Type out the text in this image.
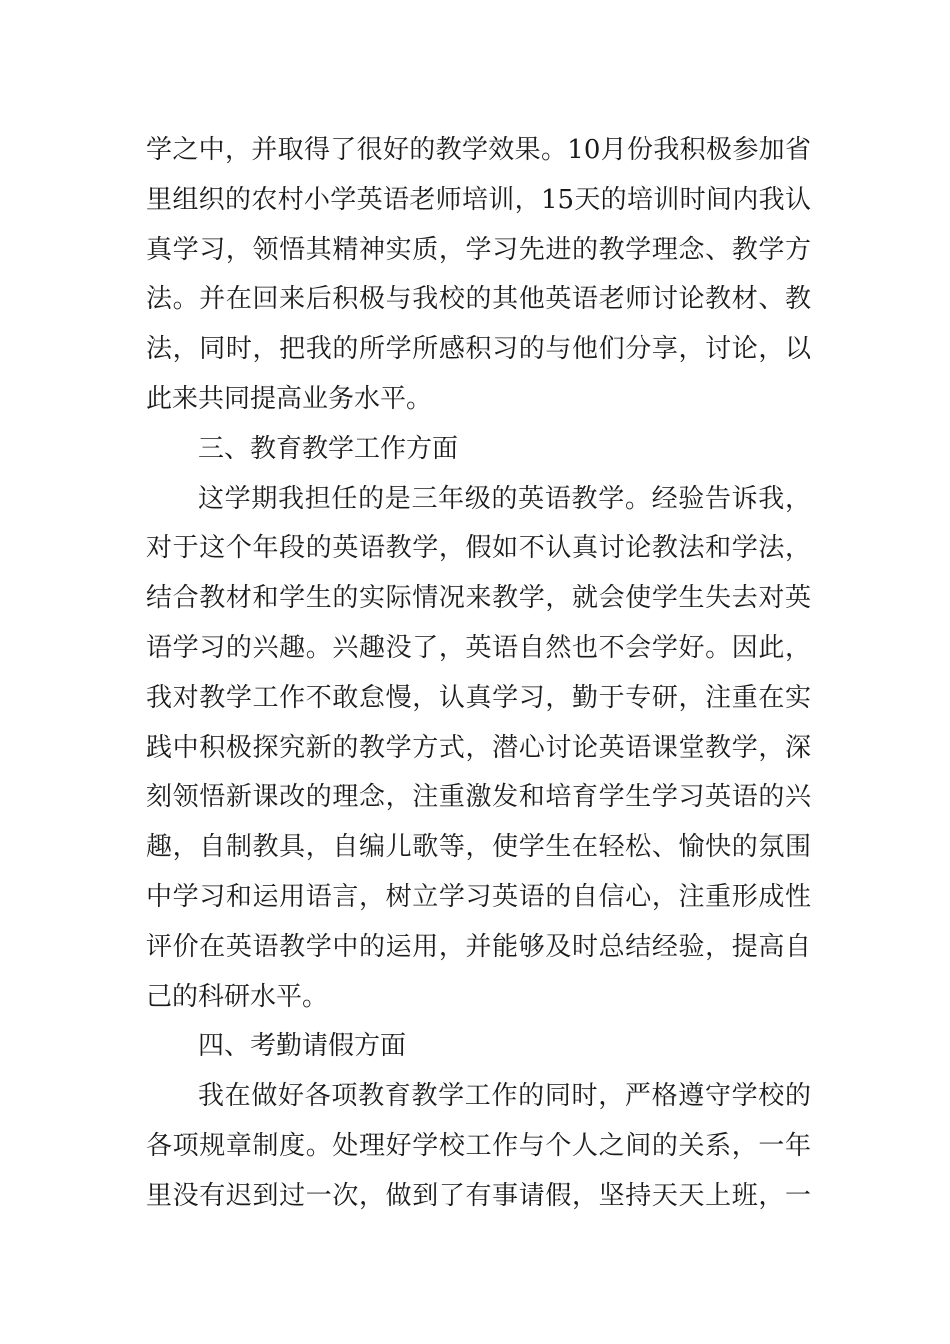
学之中，并取得了很好的教学效果。10月份我积极参加省
里组织的农村小学英语老师培训，15天的培训时间内我认
真学习，领悟其精神实质，学习先进的教学理念、教学方
法。并在回来后积极与我校的其他英语老师讨论教材、教
法，同时，把我的所学所感积习的与他们分享，讨论，以
此来共同提高业务水平。
三、教育教学工作方面
这学期我担任的是三年级的英语教学。经验告诉我，
对于这个年段的英语教学，假如不认真讨论教法和学法，
结合教材和学生的实际情况来教学，就会使学生失去对英
语学习的兴趣。兴趣没了，英语自然也不会学好。因此，
我对教学工作不敢怠慢，认真学习，勤于专研，注重在实
践中积极探究新的教学方式，潜心讨论英语课堂教学，深
刻领悟新课改的理念，注重激发和培育学生学习英语的兴
趣，自制教具，自编儿歌等，使学生在轻松、愉快的氛围
中学习和运用语言，树立学习英语的自信心，注重形成性
评价在英语教学中的运用，并能够及时总结经验，提高自
己的科研水平。
四、考勤请假方面
我在做好各项教育教学工作的同时，严格遵守学校的
各项规章制度。处理好学校工作与个人之间的关系，一年
里没有迟到过一次，做到了有事请假，坚持天天上班，一
